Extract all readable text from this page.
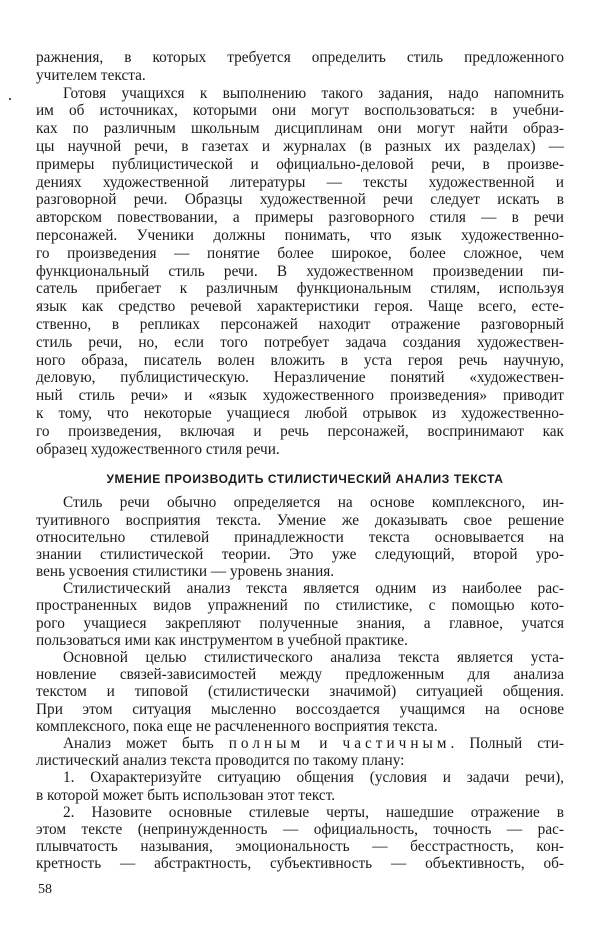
ражнения, в которых требуется определить стиль предложенного
учителем текста.
Готовя учащихся к выполнению такого задания, надо напомнить
им об источниках, которыми они могут воспользоваться: в учебни-
ках по различным школьным дисциплинам они могут найти образ-
цы научной речи, в газетах и журналах (в разных их разделах) —
примеры публицистической и официально-деловой речи, в произве-
дениях художественной литературы — тексты художественной и
разговорной речи. Образцы художественной речи следует искать в
авторском повествовании, а примеры разговорного стиля — в речи
персонажей. Ученики должны понимать, что язык художественно-
го произведения — понятие более широкое, более сложное, чем
функциональный стиль речи. В художественном произведении пи-
сатель прибегает к различным функциональным стилям, используя
язык как средство речевой характеристики героя. Чаще всего, есте-
ственно, в репликах персонажей находит отражение разговорный
стиль речи, но, если того потребует задача создания художествен-
ного образа, писатель волен вложить в уста героя речь научную,
деловую, публицистическую. Неразличение понятий «художествен-
ный стиль речи» и «язык художественного произведения» приводит
к тому, что некоторые учащиеся любой отрывок из художественно-
го произведения, включая и речь персонажей, воспринимают как
образец художественного стиля речи.
УМЕНИЕ ПРОИЗВОДИТЬ СТИЛИСТИЧЕСКИЙ АНАЛИЗ ТЕКСТА
Стиль речи обычно определяется на основе комплексного, ин-
туитивного восприятия текста. Умение же доказывать свое решение
относительно стилевой принадлежности текста основывается на
знании стилистической теории. Это уже следующий, второй уро-
вень усвоения стилистики — уровень знания.
Стилистический анализ текста является одним из наиболее рас-
пространенных видов упражнений по стилистике, с помощью кото-
рого учащиеся закрепляют полученные знания, а главное, учатся
пользоваться ими как инструментом в учебной практике.
Основной целью стилистического анализа текста является уста-
новление связей-зависимостей между предложенным для анализа
текстом и типовой (стилистически значимой) ситуацией общения.
При этом ситуация мысленно воссоздается учащимся на основе
комплексного, пока еще не расчлененного восприятия текста.
Анализ может быть полным и частичным. Полный сти-
листический анализ текста проводится по такому плану:
1. Охарактеризуйте ситуацию общения (условия и задачи речи),
в которой может быть использован этот текст.
2. Назовите основные стилевые черты, нашедшие отражение в
этом тексте (непринужденность — официальность, точность — рас-
плывчатость называния, эмоциональность — бесстрастность, кон-
кретность — абстрактность, субъективность — объективность, об-
58
